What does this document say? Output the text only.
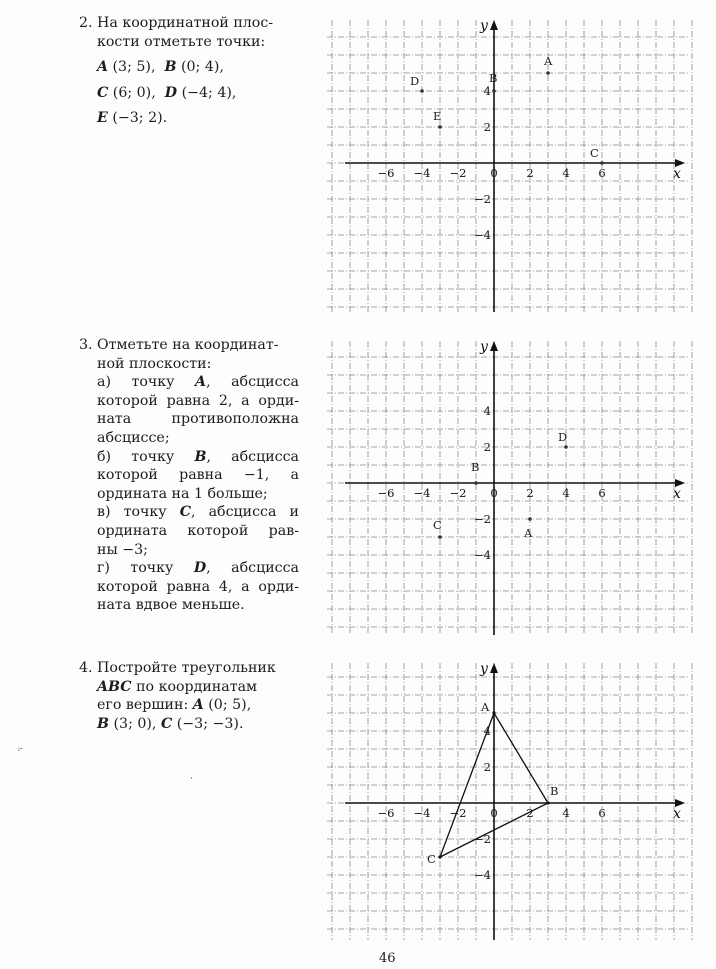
2. На координатной плос-
кости отметьте точки:
A (3; 5), B (0; 4),
C (6; 0), D (−4; 4),
E (−3; 2).
3. Отметьте на координат-
ной плоскости:
а) точку A, абсцисса
которой равна 2, а орди-
ната противоположна
абсциссе;
б) точку B, абсцисса
которой равна −1, а
ордината на 1 больше;
в) точку C, абсцисса и
ордината которой рав-
ны −3;
г) точку D, абсцисса
которой равна 4, а орди-
ната вдвое меньше.
4. Постройте треугольник
ABC по координатам
его вершин: A (0; 5),
B (3; 0), C (−3; −3).
x
y
−6 −4 −2 0 2 4 6
4
2
−2
−4
A
B
C
D
E
x
y
−6 −4 −2 0 2 4 6
4
2
−2
−4
A
B
C
D
x
y
−6 −4 −2 0 2 4 6
4
2
−2
−4
A
B
C
ᵢ‐
·
46
